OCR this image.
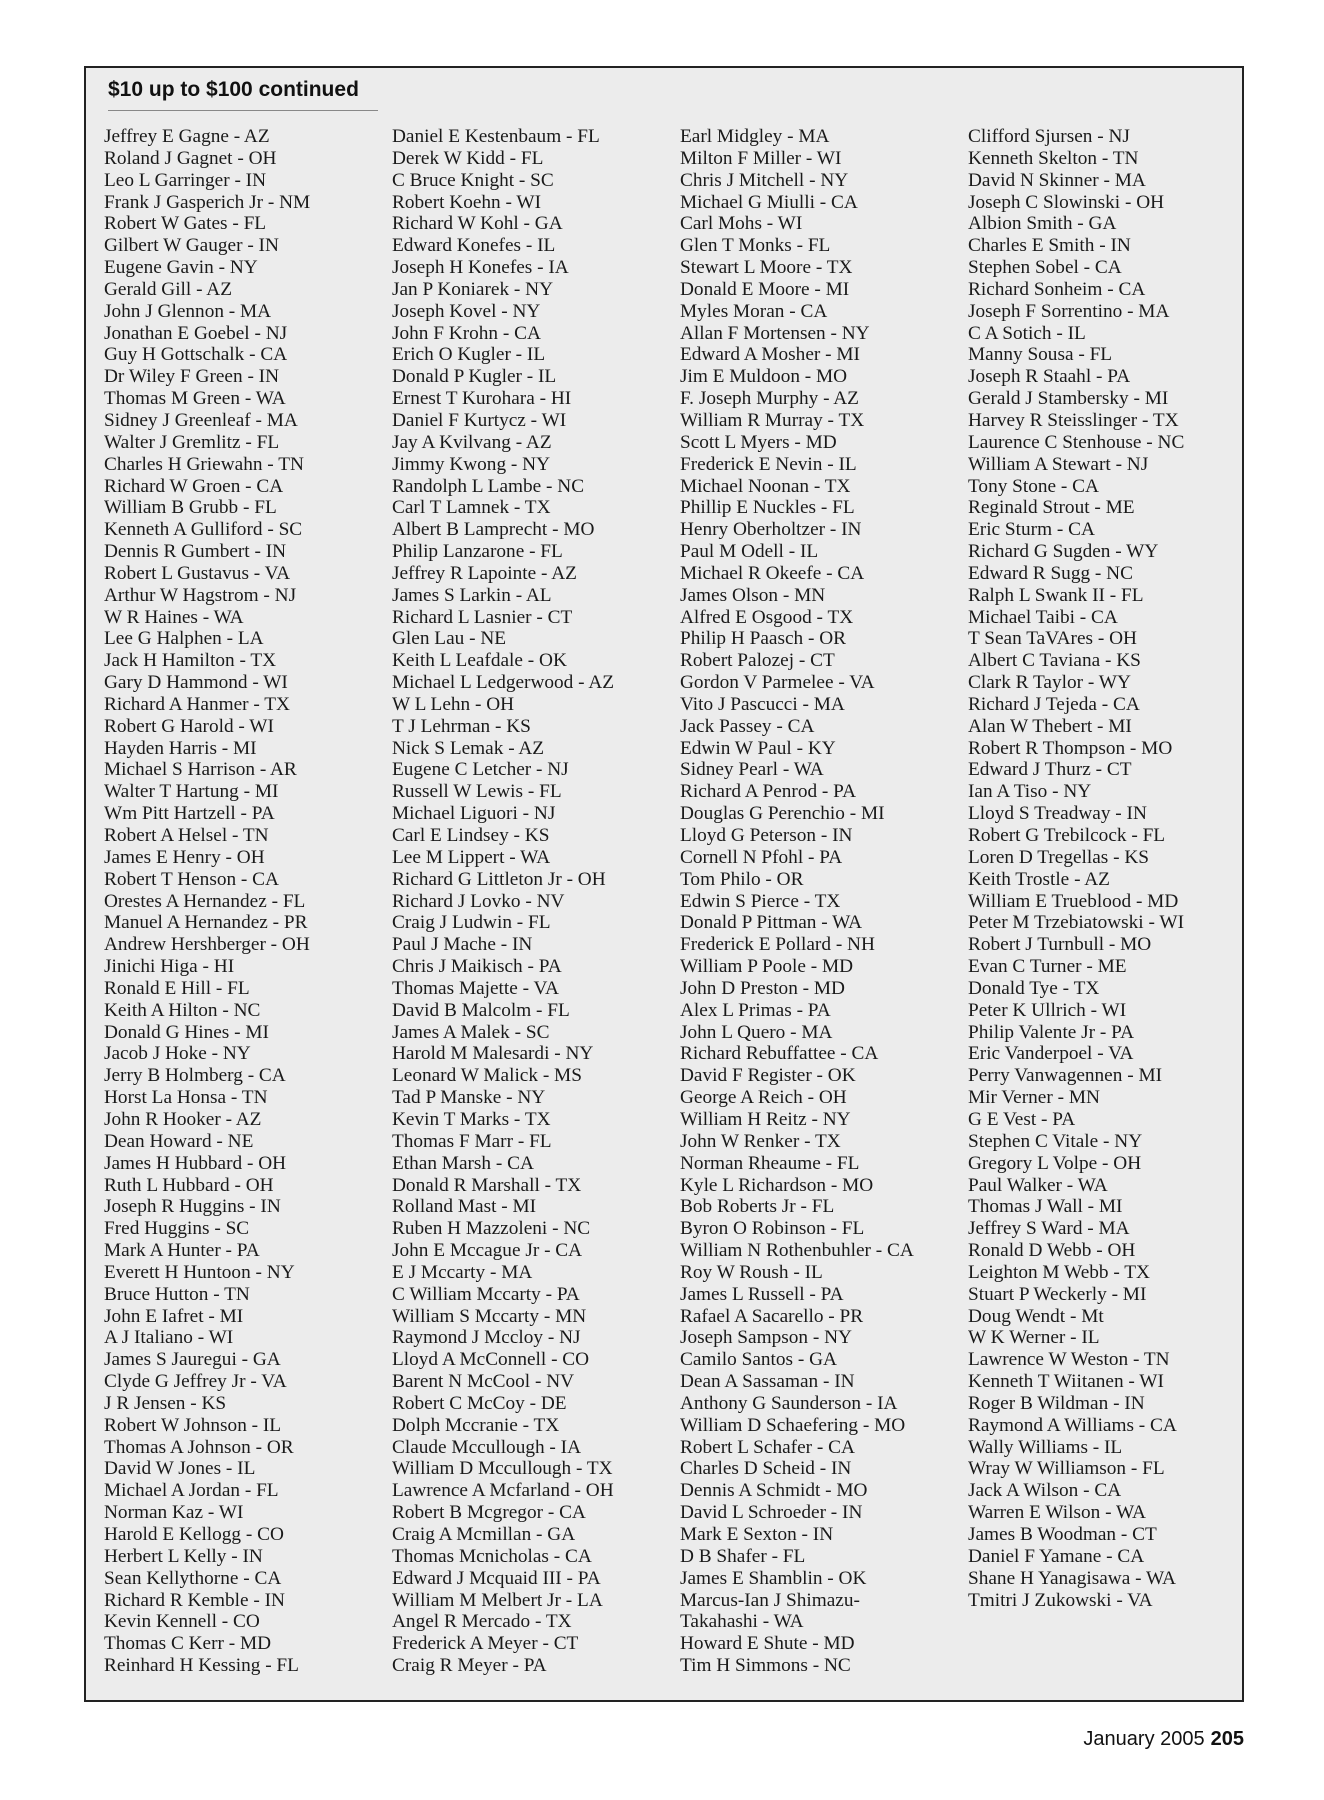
$10 up to $100 continued
Jeffrey E Gagne - AZ
Roland J Gagnet - OH
Leo L Garringer - IN
Frank J Gasperich Jr - NM
Robert W Gates - FL
Gilbert W Gauger - IN
Eugene Gavin - NY
Gerald Gill - AZ
John J Glennon - MA
Jonathan E Goebel - NJ
Guy H Gottschalk - CA
Dr Wiley F Green - IN
Thomas M Green - WA
Sidney J Greenleaf - MA
Walter J Gremlitz - FL
Charles H Griewahn - TN
Richard W Groen - CA
William B Grubb - FL
Kenneth A Gulliford - SC
Dennis R Gumbert - IN
Robert L Gustavus - VA
Arthur W Hagstrom - NJ
W R Haines - WA
Lee G Halphen - LA
Jack H Hamilton - TX
Gary D Hammond - WI
Richard A Hanmer - TX
Robert G Harold - WI
Hayden Harris - MI
Michael S Harrison - AR
Walter T Hartung - MI
Wm Pitt Hartzell - PA
Robert A Helsel - TN
James E Henry - OH
Robert T Henson - CA
Orestes A Hernandez - FL
Manuel A Hernandez - PR
Andrew Hershberger - OH
Jinichi Higa - HI
Ronald E Hill - FL
Keith A Hilton - NC
Donald G Hines - MI
Jacob J Hoke - NY
Jerry B Holmberg - CA
Horst La Honsa - TN
John R Hooker - AZ
Dean Howard - NE
James H Hubbard - OH
Ruth L Hubbard - OH
Joseph R Huggins - IN
Fred Huggins - SC
Mark A Hunter - PA
Everett H Huntoon - NY
Bruce Hutton - TN
John E Iafret - MI
A J Italiano - WI
James S Jauregui - GA
Clyde G Jeffrey Jr - VA
J R Jensen - KS
Robert W Johnson - IL
Thomas A Johnson - OR
David W Jones - IL
Michael A Jordan - FL
Norman Kaz - WI
Harold E Kellogg - CO
Herbert L Kelly - IN
Sean Kellythorne - CA
Richard R Kemble - IN
Kevin Kennell - CO
Thomas C Kerr - MD
Reinhard H Kessing - FL
Daniel E Kestenbaum - FL
Derek W Kidd - FL
C Bruce Knight - SC
Robert Koehn - WI
Richard W Kohl - GA
Edward Konefes - IL
Joseph H Konefes - IA
Jan P Koniarek - NY
Joseph Kovel - NY
John F Krohn - CA
Erich O Kugler - IL
Donald P Kugler - IL
Ernest T Kurohara - HI
Daniel F Kurtycz - WI
Jay A Kvilvang - AZ
Jimmy Kwong - NY
Randolph L Lambe - NC
Carl T Lamnek - TX
Albert B Lamprecht - MO
Philip Lanzarone - FL
Jeffrey R Lapointe - AZ
James S Larkin - AL
Richard L Lasnier - CT
Glen Lau - NE
Keith L Leafdale - OK
Michael L Ledgerwood - AZ
W L Lehn - OH
T J Lehrman - KS
Nick S Lemak - AZ
Eugene C Letcher - NJ
Russell W Lewis - FL
Michael Liguori - NJ
Carl E Lindsey - KS
Lee M Lippert - WA
Richard G Littleton Jr - OH
Richard J Lovko - NV
Craig J Ludwin - FL
Paul J Mache - IN
Chris J Maikisch - PA
Thomas Majette - VA
David B Malcolm - FL
James A Malek - SC
Harold M Malesardi - NY
Leonard W Malick - MS
Tad P Manske - NY
Kevin T Marks - TX
Thomas F Marr - FL
Ethan Marsh - CA
Donald R Marshall - TX
Rolland Mast - MI
Ruben H Mazzoleni - NC
John E Mccague Jr - CA
E J Mccarty - MA
C William Mccarty - PA
William S Mccarty - MN
Raymond J Mccloy - NJ
Lloyd A McConnell - CO
Barent N McCool - NV
Robert C McCoy - DE
Dolph Mccranie - TX
Claude Mccullough - IA
William D Mccullough - TX
Lawrence A Mcfarland - OH
Robert B Mcgregor - CA
Craig A Mcmillan - GA
Thomas Mcnicholas - CA
Edward J Mcquaid III - PA
William M Melbert Jr - LA
Angel R Mercado - TX
Frederick A Meyer - CT
Craig R Meyer - PA
Earl Midgley - MA
Milton F Miller - WI
Chris J Mitchell - NY
Michael G Miulli - CA
Carl Mohs - WI
Glen T Monks - FL
Stewart L Moore - TX
Donald E Moore - MI
Myles Moran - CA
Allan F Mortensen - NY
Edward A Mosher - MI
Jim E Muldoon - MO
F. Joseph Murphy - AZ
William R Murray - TX
Scott L Myers - MD
Frederick E Nevin - IL
Michael Noonan - TX
Phillip E Nuckles - FL
Henry Oberholtzer - IN
Paul M Odell - IL
Michael R Okeefe - CA
James Olson - MN
Alfred E Osgood - TX
Philip H Paasch - OR
Robert Palozej - CT
Gordon V Parmelee - VA
Vito J Pascucci - MA
Jack Passey - CA
Edwin W Paul - KY
Sidney Pearl - WA
Richard A Penrod - PA
Douglas G Perenchio - MI
Lloyd G Peterson - IN
Cornell N Pfohl - PA
Tom Philo - OR
Edwin S Pierce - TX
Donald P Pittman - WA
Frederick E Pollard - NH
William P Poole - MD
John D Preston - MD
Alex L Primas - PA
John L Quero - MA
Richard Rebuffattee - CA
David F Register - OK
George A Reich - OH
William H Reitz - NY
John W Renker - TX
Norman Rheaume - FL
Kyle L Richardson - MO
Bob Roberts Jr - FL
Byron O Robinson - FL
William N Rothenbuhler - CA
Roy W Roush - IL
James L Russell - PA
Rafael A Sacarello - PR
Joseph Sampson - NY
Camilo Santos - GA
Dean A Sassaman - IN
Anthony G Saunderson - IA
William D Schaefering - MO
Robert L Schafer - CA
Charles D Scheid - IN
Dennis A Schmidt - MO
David L Schroeder - IN
Mark E Sexton - IN
D B Shafer - FL
James E Shamblin - OK
Marcus-Ian J Shimazu-
Takahashi - WA
Howard E Shute - MD
Tim H Simmons - NC
Clifford Sjursen - NJ
Kenneth Skelton - TN
David N Skinner - MA
Joseph C Slowinski - OH
Albion Smith - GA
Charles E Smith - IN
Stephen Sobel - CA
Richard Sonheim - CA
Joseph F Sorrentino - MA
C A Sotich - IL
Manny Sousa - FL
Joseph R Staahl - PA
Gerald J Stambersky - MI
Harvey R Steisslinger - TX
Laurence C Stenhouse - NC
William A Stewart - NJ
Tony Stone - CA
Reginald Strout - ME
Eric Sturm - CA
Richard G Sugden - WY
Edward R Sugg - NC
Ralph L Swank II - FL
Michael Taibi - CA
T Sean TaVAres - OH
Albert C Taviana - KS
Clark R Taylor - WY
Richard J Tejeda - CA
Alan W Thebert - MI
Robert R Thompson - MO
Edward J Thurz - CT
Ian A Tiso - NY
Lloyd S Treadway - IN
Robert G Trebilcock - FL
Loren D Tregellas - KS
Keith Trostle - AZ
William E Trueblood - MD
Peter M Trzebiatowski - WI
Robert J Turnbull - MO
Evan C Turner - ME
Donald Tye - TX
Peter K Ullrich - WI
Philip Valente Jr - PA
Eric Vanderpoel - VA
Perry Vanwagennen - MI
Mir Verner - MN
G E Vest - PA
Stephen C Vitale - NY
Gregory L Volpe - OH
Paul Walker - WA
Thomas J Wall - MI
Jeffrey S Ward - MA
Ronald D Webb - OH
Leighton M Webb - TX
Stuart P Weckerly - MI
Doug Wendt - Mt
W K Werner - IL
Lawrence W Weston - TN
Kenneth T Wiitanen - WI
Roger B Wildman - IN
Raymond A Williams - CA
Wally Williams - IL
Wray W Williamson - FL
Jack A Wilson - CA
Warren E Wilson - WA
James B Woodman - CT
Daniel F Yamane - CA
Shane H Yanagisawa - WA
Tmitri J Zukowski - VA
January 2005 205
